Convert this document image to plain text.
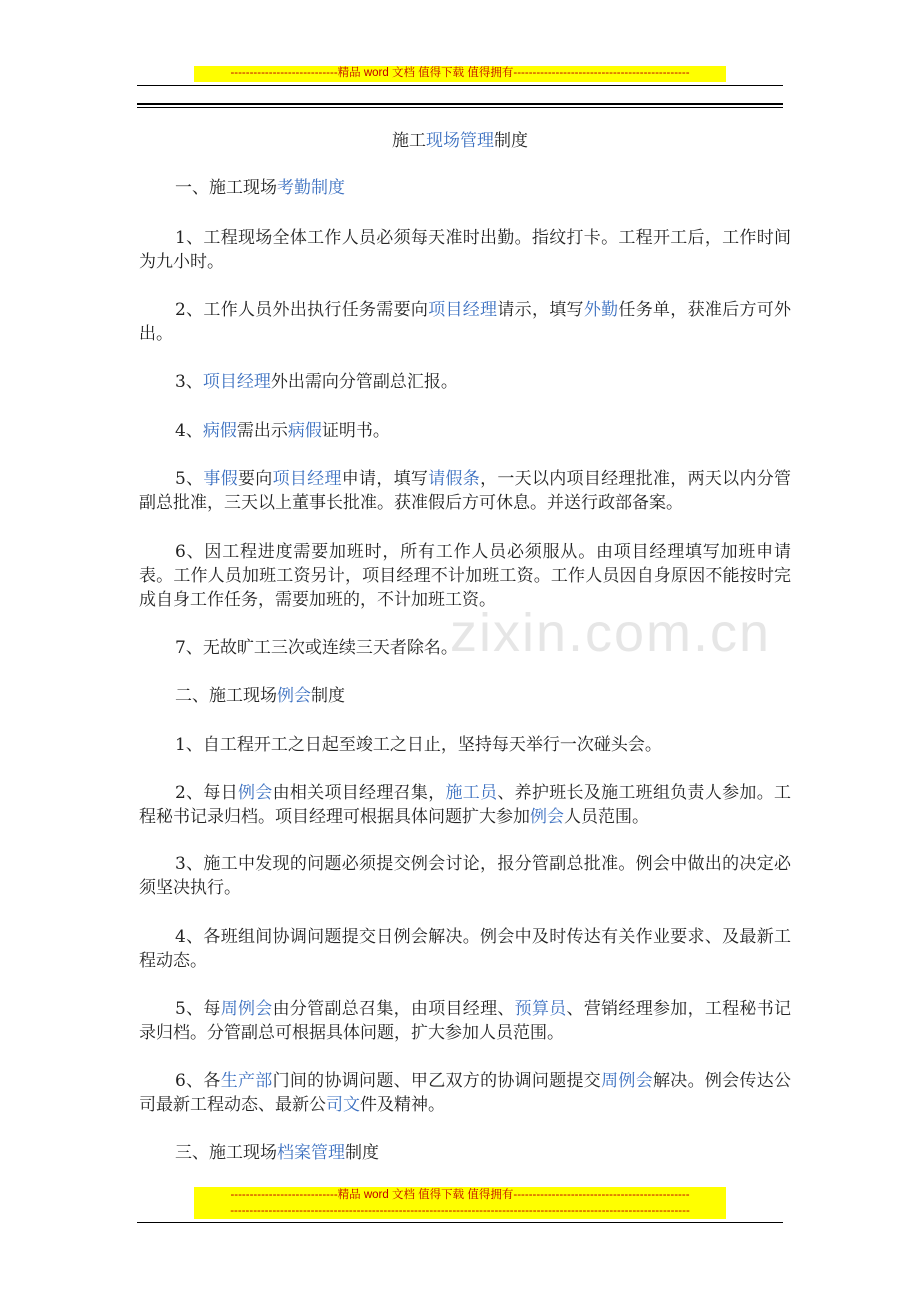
----------------------------精品 word 文档 值得下载 值得拥有----------------------------------------------
zixin.com.cn
施工现场管理制度
一、施工现场考勤制度
1、工程现场全体工作人员必须每天准时出勤。指纹打卡。工程开工后，工作时间为九小时。
2、工作人员外出执行任务需要向项目经理请示，填写外勤任务单，获准后方可外出。
3、项目经理外出需向分管副总汇报。
4、病假需出示病假证明书。
5、事假要向项目经理申请，填写请假条，一天以内项目经理批准，两天以内分管副总批准，三天以上董事长批准。获准假后方可休息。并送行政部备案。
6、因工程进度需要加班时，所有工作人员必须服从。由项目经理填写加班申请表。工作人员加班工资另计，项目经理不计加班工资。工作人员因自身原因不能按时完成自身工作任务，需要加班的，不计加班工资。
7、无故旷工三次或连续三天者除名。
二、施工现场例会制度
1、自工程开工之日起至竣工之日止，坚持每天举行一次碰头会。
2、每日例会由相关项目经理召集，施工员、养护班长及施工班组负责人参加。工程秘书记录归档。项目经理可根据具体问题扩大参加例会人员范围。
3、施工中发现的问题必须提交例会讨论，报分管副总批准。例会中做出的决定必须坚决执行。
4、各班组间协调问题提交日例会解决。例会中及时传达有关作业要求、及最新工程动态。
5、每周例会由分管副总召集，由项目经理、预算员、营销经理参加，工程秘书记录归档。分管副总可根据具体问题，扩大参加人员范围。
6、各生产部门间的协调问题、甲乙双方的协调问题提交周例会解决。例会传达公司最新工程动态、最新公司文件及精神。
三、施工现场档案管理制度
----------------------------精品 word 文档 值得下载 值得拥有----------------------------------------------
------------------------------------------------------------------------------------------------------------------------
